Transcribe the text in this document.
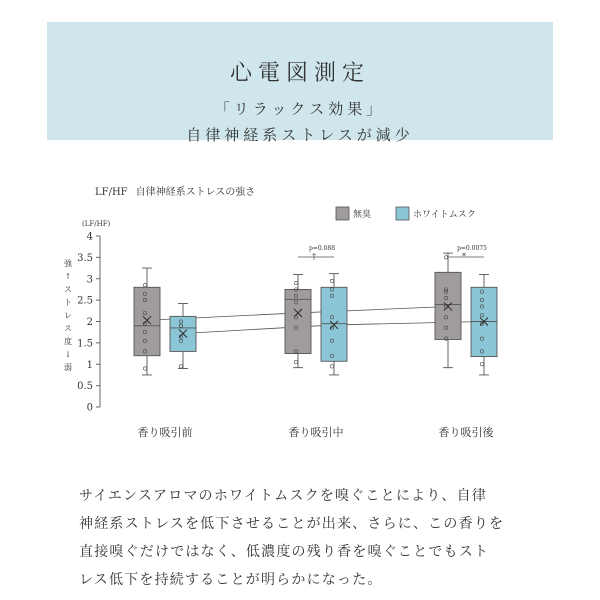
心電図測定
「リラックス効果」
自律神経系ストレスが減少
LF/HF 自律神経系ストレスの強さ
0
0.5
1
1.5
2
2.5
3
3.5
4
(LF/HF)
強
↑
ス
ト
レ
ス
度
↓
弱
香り吸引前	香り吸引中	香り吸引後
p=0.088
†
p=0.0075
*
無臭	ホワイトムスク
サイエンスアロマのホワイトムスクを嗅ぐことにより、自律
神経系ストレスを低下させることが出来、さらに、この香りを
直接嗅ぐだけではなく、低濃度の残り香を嗅ぐことでもスト
レス低下を持続することが明らかになった。
